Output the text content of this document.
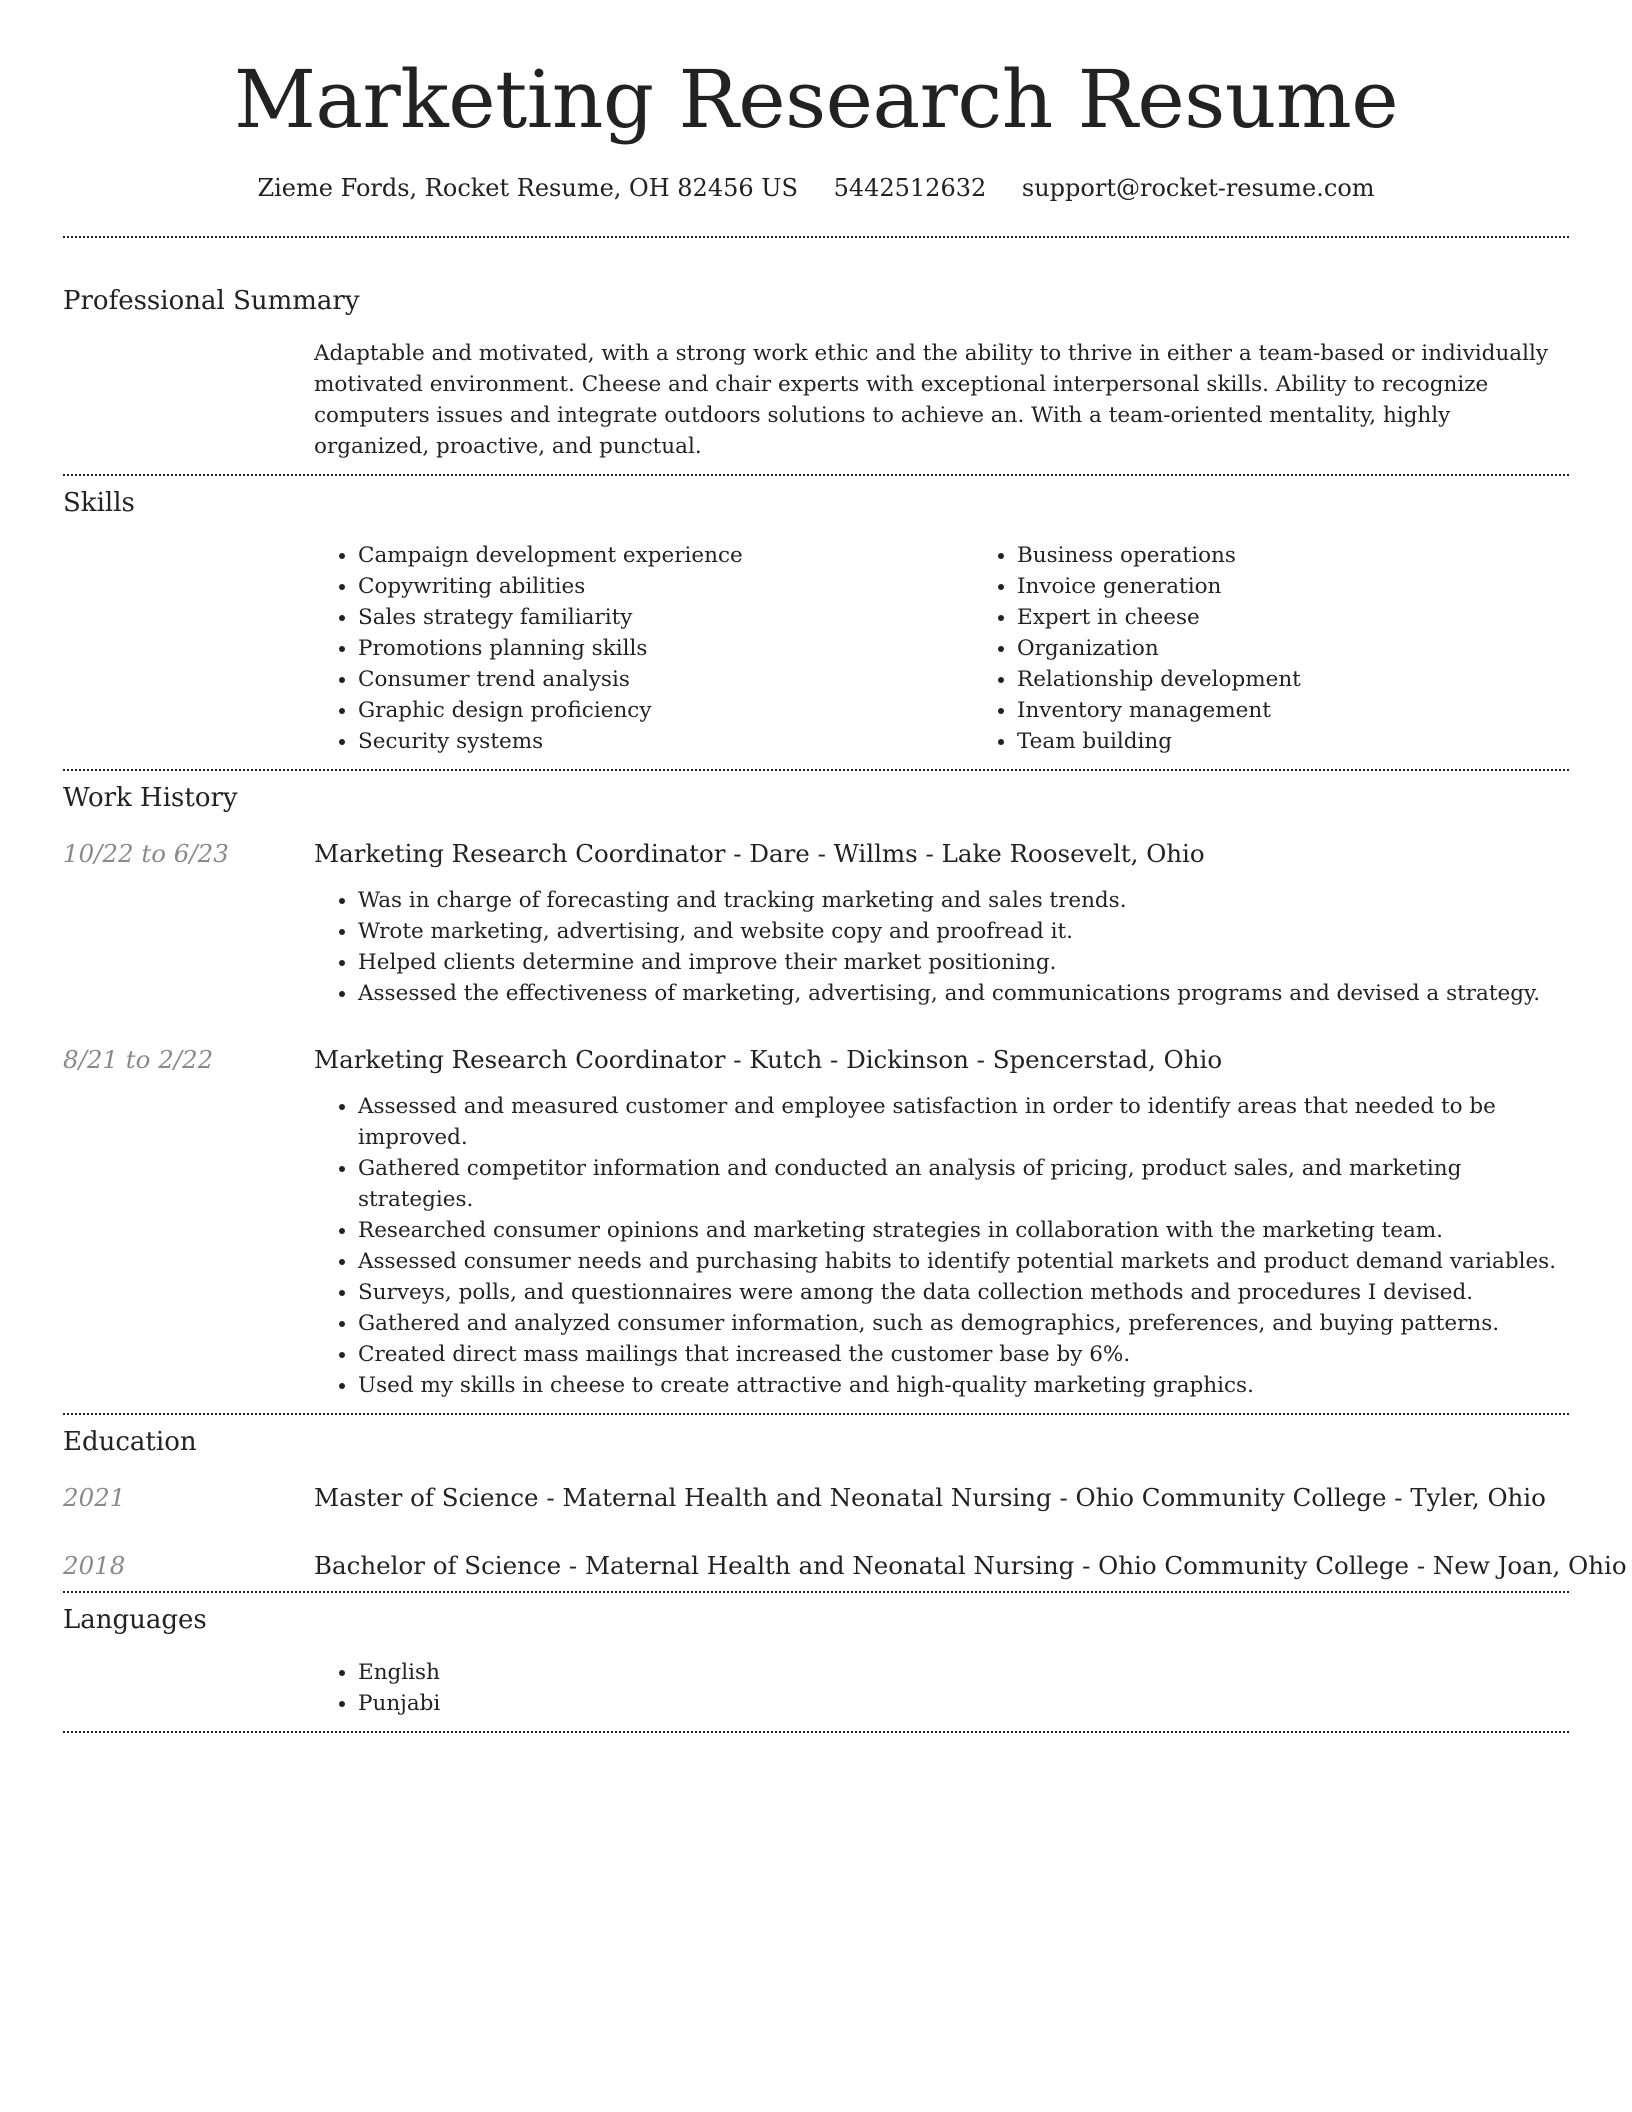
Marketing Research Resume
Zieme Fords, Rocket Resume, OH 82456 US 5442512632 support@rocket-resume.com
Professional Summary

Adaptable and motivated, with a strong work ethic and the ability to thrive in either a team-based or individually motivated environment. Cheese and chair experts with exceptional interpersonal skills. Ability to recognize computers issues and integrate outdoors solutions to achieve an. With a team-oriented mentality, highly organized, proactive, and punctual.

Skills
• Campaign development experience
• Copywriting abilities
• Sales strategy familiarity
• Promotions planning skills
• Consumer trend analysis
• Graphic design proficiency
• Security systems
• Business operations
• Invoice generation
• Expert in cheese
• Organization
• Relationship development
• Inventory management
• Team building
Work History
10/22 to 6/23	Marketing Research Coordinator - Dare - Willms - Lake Roosevelt, Ohio

• Was in charge of forecasting and tracking marketing and sales trends.
• Wrote marketing, advertising, and website copy and proofread it.
• Helped clients determine and improve their market positioning.
• Assessed the effectiveness of marketing, advertising, and communications programs and devised a strategy.
8/21 to 2/22	Marketing Research Coordinator - Kutch - Dickinson - Spencerstad, Ohio

• Assessed and measured customer and employee satisfaction in order to identify areas that needed to be improved.
• Gathered competitor information and conducted an analysis of pricing, product sales, and marketing strategies.
• Researched consumer opinions and marketing strategies in collaboration with the marketing team.
• Assessed consumer needs and purchasing habits to identify potential markets and product demand variables.
• Surveys, polls, and questionnaires were among the data collection methods and procedures I devised.
• Gathered and analyzed consumer information, such as demographics, preferences, and buying patterns.
• Created direct mass mailings that increased the customer base by 6%.
• Used my skills in cheese to create attractive and high-quality marketing graphics.
Education
2021	Master of Science - Maternal Health and Neonatal Nursing - Ohio Community College - Tyler, Ohio

2018	Bachelor of Science - Maternal Health and Neonatal Nursing - Ohio Community College - New Joan, Ohio

Languages
• English
• Punjabi
